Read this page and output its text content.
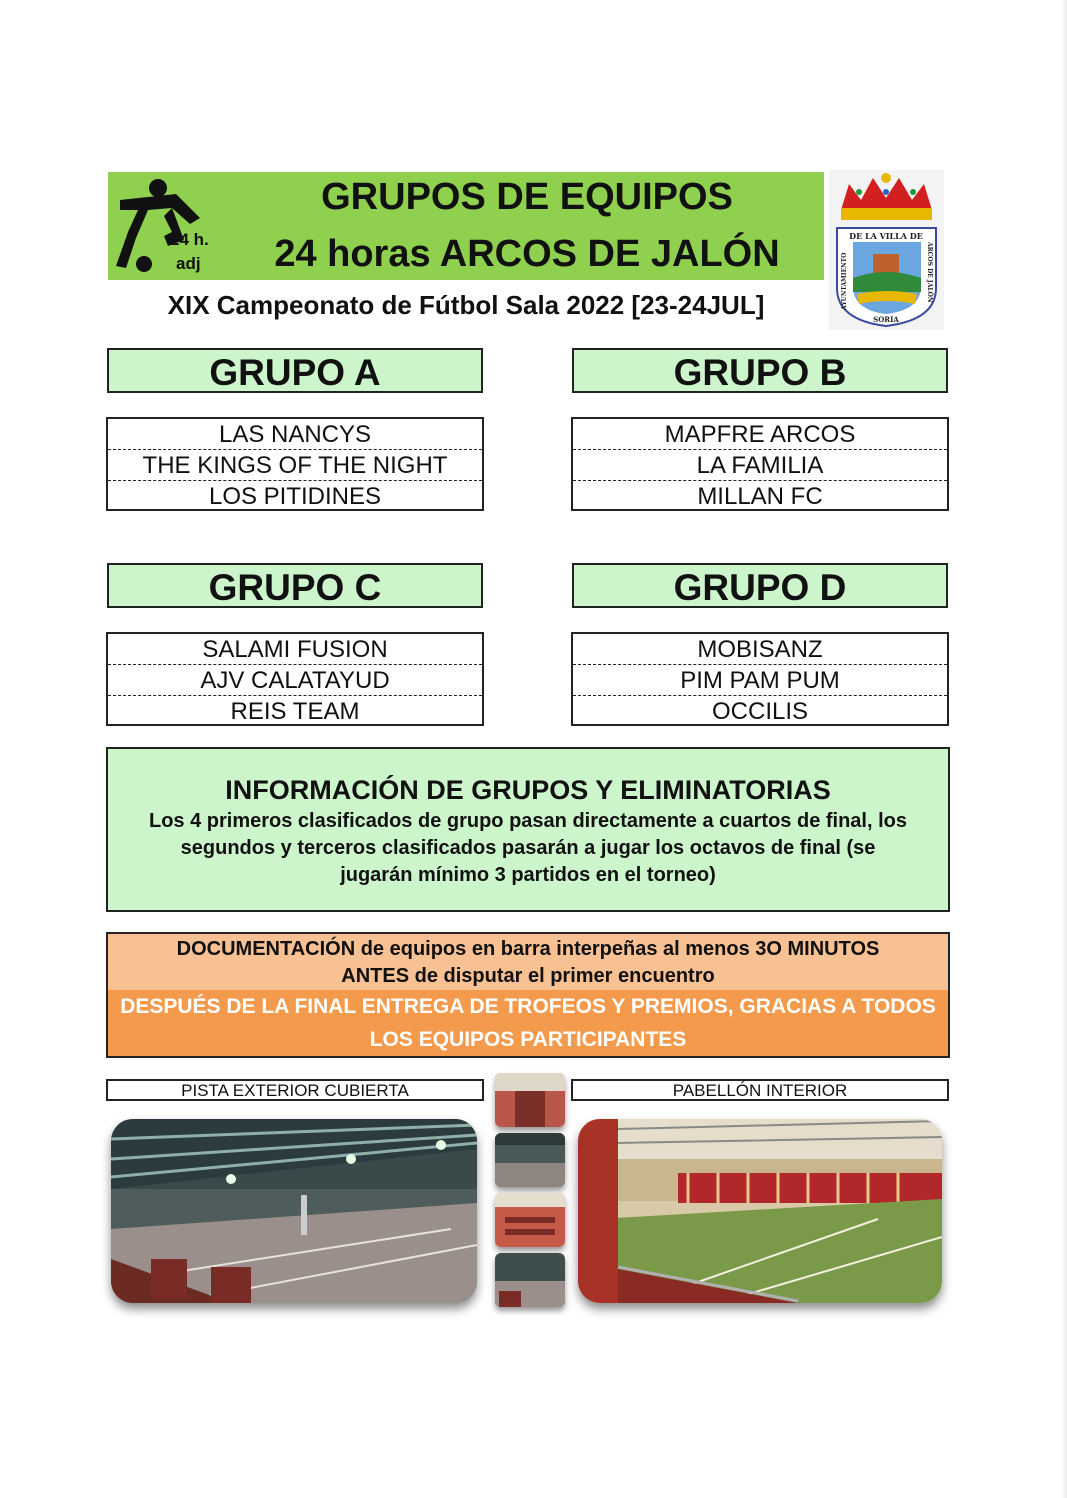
24 h.
adj
GRUPOS DE EQUIPOS
24 horas ARCOS DE JALÓN
XIX Campeonato de Fútbol Sala 2022 [23-24JUL]
DE LA VILLA DE
SORIA
AYUNTAMIENTO	ARCOS DE JALÓN
GRUPO A
LAS NANCYS
THE KINGS OF THE NIGHT
LOS PITIDINES
GRUPO B
MAPFRE ARCOS
LA FAMILIA
MILLAN FC
GRUPO C
SALAMI FUSION
AJV CALATAYUD
REIS TEAM
GRUPO D
MOBISANZ
PIM PAM PUM
OCCILIS
INFORMACIÓN DE GRUPOS Y ELIMINATORIAS
Los 4 primeros clasificados de grupo pasan directamente a cuartos de final, los
segundos y terceros clasificados pasarán a jugar los octavos de final (se
jugarán mínimo 3 partidos en el torneo)
DOCUMENTACIÓN de equipos en barra interpeñas al menos 3O MINUTOS
ANTES de disputar el primer encuentro
DESPUÉS DE LA FINAL ENTREGA DE TROFEOS Y PREMIOS, GRACIAS A TODOS
LOS EQUIPOS PARTICIPANTES
PISTA EXTERIOR CUBIERTA	PABELLÓN INTERIOR
